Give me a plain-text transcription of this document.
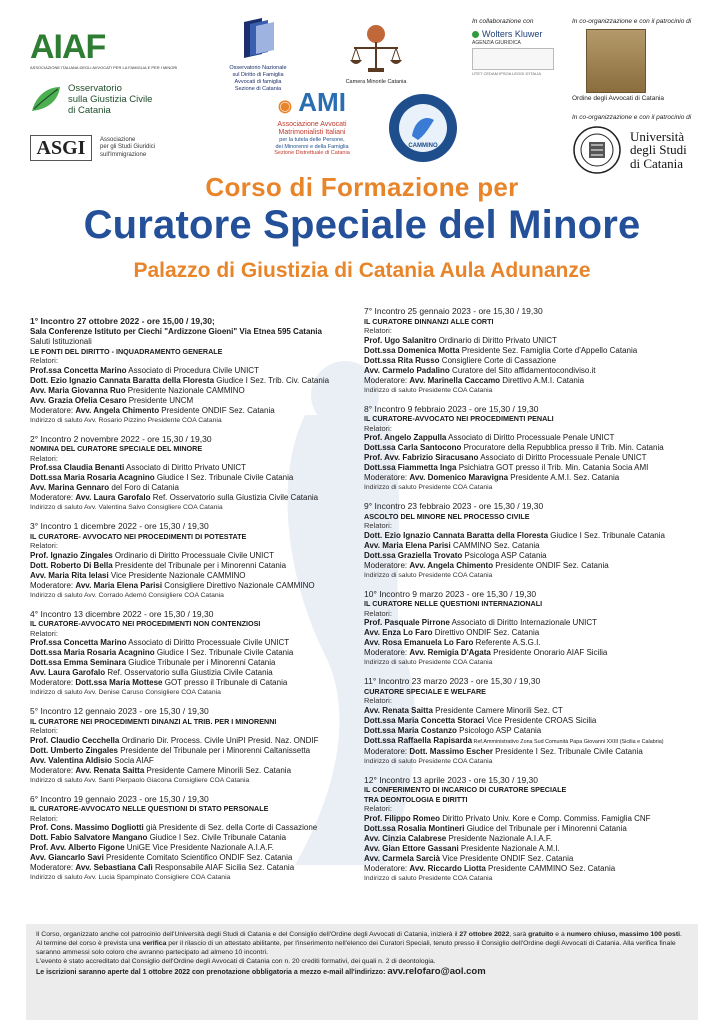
AIAF
ASSOCIAZIONE ITALIANA DEGLI AVVOCATI PER LA FAMIGLIA E PER I MINORI
Osservatorio
sulla Giustizia Civile
di Catania
ASGI	Associazione
per gli Studi Giuridici
sull'Immigrazione
Osservatorio Nazionale
sul Diritto di Famiglia
Avvocati di famiglia
Sezione di Catania
Camera Minorile Catania
◉ AMI
Associazione Avvocati
Matrimonialisti Italiani
per la tutela delle Persone,
dei Minorenni e della Famiglia
Sezione Distrettuale di Catania
CAMMINO
In collaborazione con
Wolters Kluwer
AGENZIA GIURIDICA
UTET CEDAM IPSOA LEGGI D'ITALIA
In co-organizzazione e con il patrocinio di
Ordine degli Avvocati di Catania
In co-organizzazione e con il patrocinio di
Università
degli Studi
di Catania
Corso di Formazione per
Curatore Speciale del Minore
Palazzo di Giustizia di Catania Aula Adunanze
1° Incontro 27 ottobre 2022 - ore 15,00 / 19,30;
Sala Conferenze Istituto per Ciechi "Ardizzone Gioeni" Via Etnea 595 Catania
Saluti Istituzionali
LE FONTI DEL DIRITTO - INQUADRAMENTO GENERALE
Relatori:
Prof.ssa Concetta Marino Associato di Procedura Civile UNICT
Dott. Ezio Ignazio Cannata Baratta della Floresta Giudice I Sez. Trib. Civ. Catania
Avv. Maria Giovanna Ruo Presidente Nazionale CAMMINO
Avv. Grazia Ofelia Cesaro Presidente UNCM
Moderatore: Avv. Angela Chimento Presidente ONDIF Sez. Catania
Indirizzo di saluto Avv. Rosario Pizzino Presidente COA Catania
2° Incontro 2 novembre 2022 - ore 15,30 / 19,30
NOMINA DEL CURATORE SPECIALE DEL MINORE
Relatori:
Prof.ssa Claudia Benanti Associato di Diritto Privato UNICT
Dott.ssa Maria Rosaria Acagnino Giudice I Sez. Tribunale Civile Catania
Avv. Marina Gennaro del Foro di Catania
Moderatore: Avv. Laura Garofalo Ref. Osservatorio sulla Giustizia Civile Catania
Indirizzo di saluto Avv. Valentina Salvo Consigliere COA Catania
3° Incontro 1 dicembre 2022 - ore 15,30 / 19,30
IL CURATORE- AVVOCATO NEI PROCEDIMENTI DI POTESTATE
Relatori:
Prof. Ignazio Zingales Ordinario di Diritto Processuale Civile UNICT
Dott. Roberto Di Bella Presidente del Tribunale per i Minorenni Catania
Avv. Maria Rita Ielasi Vice Presidente Nazionale CAMMINO
Moderatore: Avv. Maria Elena Parisi Consigliere Direttivo Nazionale CAMMINO
Indirizzo di saluto Avv. Corrado Adernò Consigliere COA Catania
4° Incontro 13 dicembre 2022 - ore 15,30 / 19,30
IL CURATORE-AVVOCATO NEI PROCEDIMENTI NON CONTENZIOSI
Relatori:
Prof.ssa Concetta Marino Associato di Diritto Processuale Civile UNICT
Dott.ssa Maria Rosaria Acagnino Giudice I Sez. Tribunale Civile Catania
Dott.ssa Emma Seminara Giudice Tribunale per i Minorenni Catania
Avv. Laura Garofalo Ref. Osservatorio sulla Giustizia Civile Catania
Moderatore: Dott.ssa Maria Mottese GOT presso il Tribunale di Catania
Indirizzo di saluto Avv. Denise Caruso Consigliere COA Catania
5° Incontro 12 gennaio 2023 - ore 15,30 / 19,30
IL CURATORE NEI PROCEDIMENTI DINANZI AL TRIB. PER I MINORENNI
Relatori:
Prof. Claudio Cecchella Ordinario Dir. Process. Civile UniPI Presid. Naz. ONDIF
Dott. Umberto Zingales Presidente del Tribunale per i Minorenni Caltanissetta
Avv. Valentina Aldisio Socia AIAF
Moderatore: Avv. Renata Saitta Presidente Camere Minorili Sez. Catania
Indirizzo di saluto Avv. Santi Pierpaolo Giacona Consigliere COA Catania
6° Incontro 19 gennaio 2023 - ore 15,30 / 19,30
IL CURATORE-AVVOCATO NELLE QUESTIONI DI STATO PERSONALE
Relatori:
Prof. Cons. Massimo Dogliotti già Presidente di Sez. della Corte di Cassazione
Dott. Fabio Salvatore Mangano Giudice I Sez. Civile Tribunale Catania
Prof. Avv. Alberto Figone UniGE Vice Presidente Nazionale A.I.A.F.
Avv. Giancarlo Savi Presidente Comitato Scientifico ONDIF Sez. Catania
Moderatore: Avv. Sebastiana Calì Responsabile AIAF Sicilia Sez. Catania
Indirizzo di saluto Avv. Lucia Spampinato Consigliere COA Catania
7° Incontro 25 gennaio 2023 - ore 15,30 / 19,30
IL CURATORE DINNANZI ALLE CORTI
Relatori:
Prof. Ugo Salanitro Ordinario di Diritto Privato UNICT
Dott.ssa Domenica Motta Presidente Sez. Famiglia Corte d'Appello Catania
Dott.ssa Rita Russo Consigliere Corte di Cassazione
Avv. Carmelo Padalino Curatore del Sito affidamentocondiviso.it
Moderatore: Avv. Marinella Caccamo Direttivo A.M.I. Catania
Indirizzo di saluto Presidente COA Catania
8° Incontro 9 febbraio 2023 - ore 15,30 / 19,30
IL CURATORE-AVVOCATO NEI PROCEDIMENTI PENALI
Relatori:
Prof. Angelo Zappulla Associato di Diritto Processuale Penale UNICT
Dott.ssa Carla Santocono Procuratore della Repubblica presso il Trib. Min. Catania
Prof. Avv. Fabrizio Siracusano Associato di Diritto Processuale Penale UNICT
Dott.ssa Fiammetta Inga Psichiatra GOT presso il Trib. Min. Catania Socia AMI
Moderatore: Avv. Domenico Maravigna Presidente A.M.I. Sez. Catania
Indirizzo di saluto Presidente COA Catania
9° Incontro 23 febbraio 2023 - ore 15,30 / 19,30
ASCOLTO DEL MINORE NEL PROCESSO CIVILE
Relatori:
Dott. Ezio Ignazio Cannata Baratta della Floresta Giudice I Sez. Tribunale Catania
Avv. Maria Elena Parisi CAMMINO Sez. Catania
Dott.ssa Graziella Trovato Psicologa ASP Catania
Moderatore: Avv. Angela Chimento Presidente ONDIF Sez. Catania
Indirizzo di saluto Presidente COA Catania
10° Incontro 9 marzo 2023 - ore 15,30 / 19,30
IL CURATORE NELLE QUESTIONI INTERNAZIONALI
Relatori:
Prof. Pasquale Pirrone Associato di Diritto Internazionale UNICT
Avv. Enza Lo Faro Direttivo ONDIF Sez. Catania
Avv. Rosa Emanuela Lo Faro Referente A.S.G.I.
Moderatore: Avv. Remigia D'Agata Presidente Onorario AIAF Sicilia
Indirizzo di saluto Presidente COA Catania
11° Incontro 23 marzo 2023 - ore 15,30 / 19,30
CURATORE SPECIALE E WELFARE
Relatori:
Avv. Renata Saitta Presidente Camere Minorili Sez. CT
Dott.ssa Maria Concetta Storaci Vice Presidente CROAS Sicilia
Dott.ssa Maria Costanzo Psicologo ASP Catania
Dott.ssa Raffaella Rapisarda Ref.Amministrativo Zona Sud Comunità Papa Giovanni XXIII (Sicilia e Calabria)
Moderatore: Dott. Massimo Escher Presidente I Sez. Tribunale Civile Catania
Indirizzo di saluto Presidente COA Catania
12° Incontro 13 aprile 2023 - ore 15,30 / 19,30
IL CONFERIMENTO DI INCARICO DI CURATORE SPECIALE
TRA DEONTOLOGIA E DIRITTI
Relatori:
Prof. Filippo Romeo Diritto Privato Univ. Kore e Comp. Commiss. Famiglia CNF
Dott.ssa Rosalia Montineri Giudice del Tribunale per i Minorenni Catania
Avv. Cinzia Calabrese Presidente Nazionale A.I.A.F.
Avv. Gian Ettore Gassani Presidente Nazionale A.M.I.
Avv. Carmela Sarcià Vice Presidente ONDIF Sez. Catania
Moderatore: Avv. Riccardo Liotta Presidente CAMMINO Sez. Catania
Indirizzo di saluto Presidente COA Catania

Il Corso, organizzato anche col patrocinio dell'Università degli Studi di Catania e del Consiglio dell'Ordine degli Avvocati di Catania, inizierà il 27 ottobre 2022, sarà gratuito e a numero chiuso, massimo 100 posti.

Al termine del corso è prevista una verifica per il rilascio di un attestato abilitante, per l'inserimento nell'elenco dei Curatori Speciali, tenuto presso il Consiglio dell'Ordine degli Avvocati di Catania. Alla verifica finale saranno ammessi solo coloro che avranno partecipato ad almeno 10 incontri.

L'evento è stato accreditato dal Consiglio dell'Ordine degli Avvocati di Catania con n. 20 crediti formativi, dei quali n. 2 di deontologia.

Le iscrizioni saranno aperte dal 1 ottobre 2022 con prenotazione obbligatoria a mezzo e-mail all'indirizzo: avv.relofaro@aol.com
